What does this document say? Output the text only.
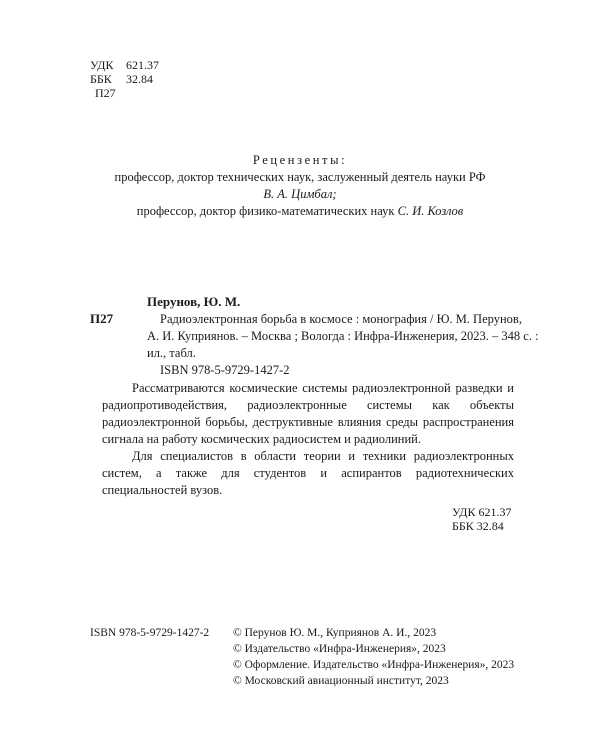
УДК	621.37
ББК	32.84
П27
Рецензенты:
профессор, доктор технических наук, заслуженный деятель науки РФ
В. А. Цимбал;
профессор, доктор физико-математических наук С. И. Козлов
Перунов, Ю. М.
П27	Радиоэлектронная борьба в космосе : монография / Ю. М. Перунов,
А. И. Куприянов. – Москва ; Вологда : Инфра-Инженерия, 2023. – 348 с. :
ил., табл.
ISBN 978-5-9729-1427-2

Рассматриваются космические системы радиоэлектронной разведки и радиопротиводействия, радиоэлектронные системы как объекты радиоэлектронной борьбы, деструктивные влияния среды распространения сигнала на работу космических радиосистем и радиолиний.

Для специалистов в области теории и техники радиоэлектронных систем, а также для студентов и аспирантов радиотехнических специальностей вузов.

УДК 621.37
ББК 32.84
ISBN 978-5-9729-1427-2 © Перунов Ю. М., Куприянов А. И., 2023
© Издательство «Инфра-Инженерия», 2023
© Оформление. Издательство «Инфра-Инженерия», 2023
© Московский авиационный институт, 2023
